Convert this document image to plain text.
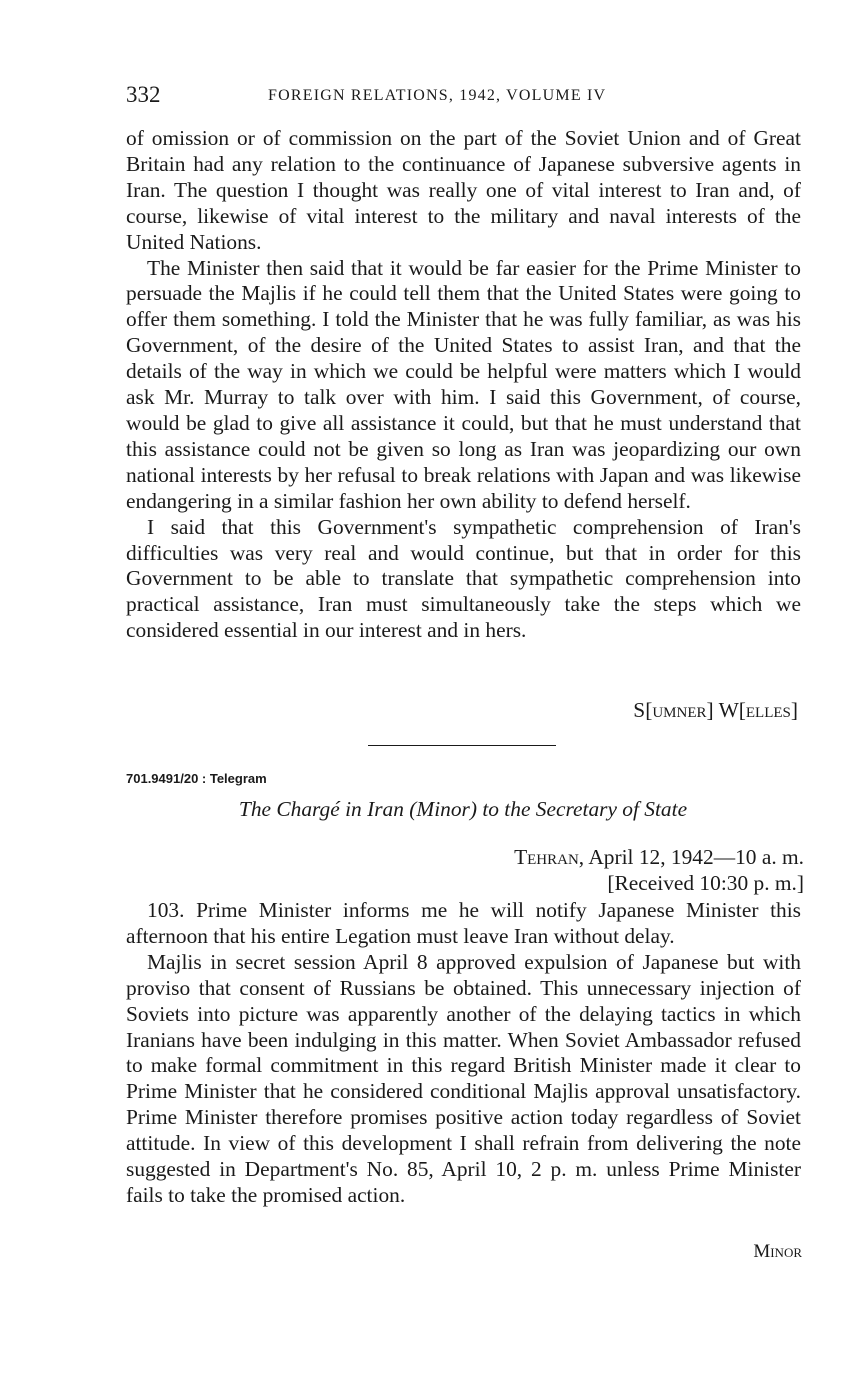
332	FOREIGN RELATIONS, 1942, VOLUME IV

of omission or of commission on the part of the Soviet Union and of Great Britain had any relation to the continuance of Japanese subversive agents in Iran. The question I thought was really one of vital interest to Iran and, of course, likewise of vital interest to the military and naval interests of the United Nations.

The Minister then said that it would be far easier for the Prime Minister to persuade the Majlis if he could tell them that the United States were going to offer them something. I told the Minister that he was fully familiar, as was his Government, of the desire of the United States to assist Iran, and that the details of the way in which we could be helpful were matters which I would ask Mr. Murray to talk over with him. I said this Government, of course, would be glad to give all assistance it could, but that he must understand that this assistance could not be given so long as Iran was jeopardizing our own national interests by her refusal to break relations with Japan and was likewise endangering in a similar fashion her own ability to defend herself.

I said that this Government's sympathetic comprehension of Iran's difficulties was very real and would continue, but that in order for this Government to be able to translate that sympathetic comprehension into practical assistance, Iran must simultaneously take the steps which we considered essential in our interest and in hers.

S[umner] W[elles]
701.9491/20 : Telegram
The Chargé in Iran (Minor) to the Secretary of State
Tehran, April 12, 1942—10 a. m.
[Received 10:30 p. m.]

103. Prime Minister informs me he will notify Japanese Minister this afternoon that his entire Legation must leave Iran without delay.

Majlis in secret session April 8 approved expulsion of Japanese but with proviso that consent of Russians be obtained. This unnecessary injection of Soviets into picture was apparently another of the delaying tactics in which Iranians have been indulging in this matter. When Soviet Ambassador refused to make formal commitment in this regard British Minister made it clear to Prime Minister that he considered conditional Majlis approval unsatisfactory. Prime Minister therefore promises positive action today regardless of Soviet attitude. In view of this development I shall refrain from delivering the note suggested in Department's No. 85, April 10, 2 p. m. unless Prime Minister fails to take the promised action.

Minor
